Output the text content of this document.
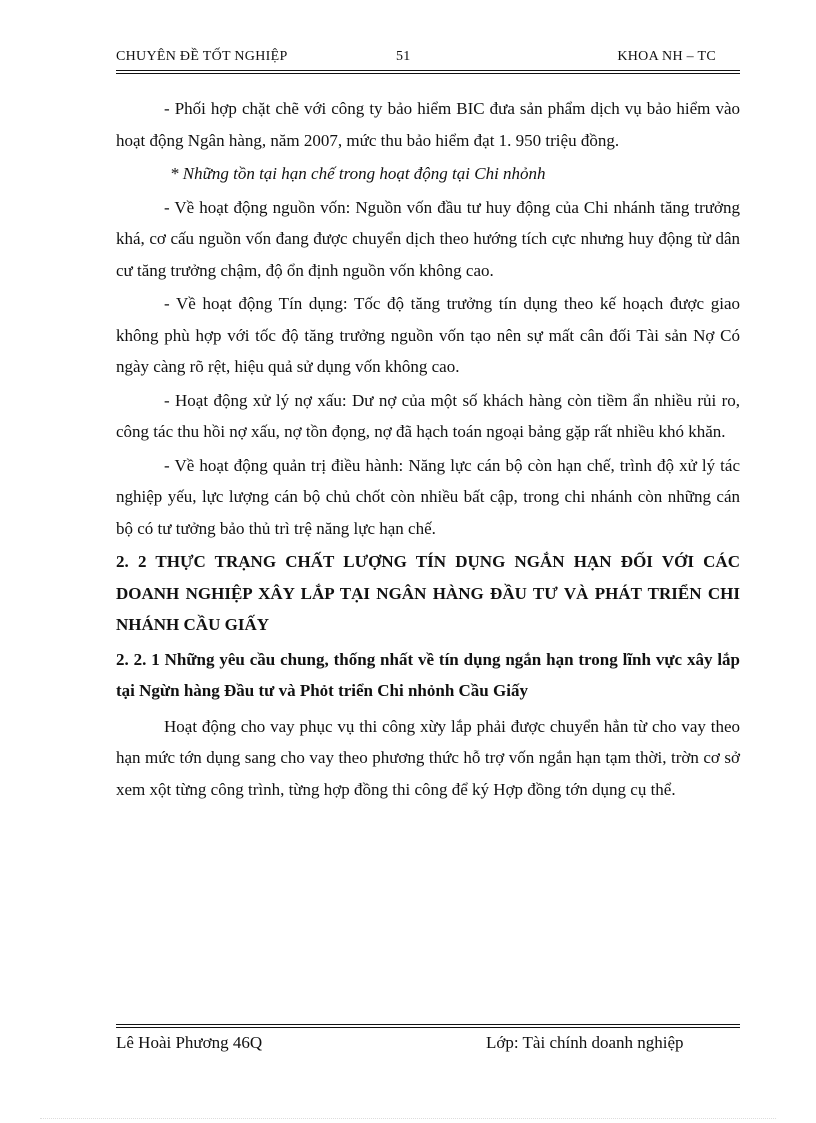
CHUYÊN ĐỀ TỐT NGHIỆP	51	KHOA NH – TC

- Phối hợp chặt chẽ với công ty bảo hiểm BIC đưa sản phẩm dịch vụ bảo hiểm vào hoạt động Ngân hàng, năm 2007, mức thu bảo hiểm đạt 1. 950 triệu đồng.

* Những tồn tại hạn chế trong hoạt động tại Chi nhỏnh

- Về hoạt động nguồn vốn: Nguồn vốn đầu tư huy động của Chi nhánh tăng trưởng khá, cơ cấu nguồn vốn đang được chuyển dịch theo hướng tích cực nhưng huy động từ dân cư tăng trưởng chậm, độ ổn định nguồn vốn không cao.

- Về hoạt động Tín dụng: Tốc độ tăng trưởng tín dụng theo kế hoạch được giao không phù hợp với tốc độ tăng trưởng nguồn vốn tạo nên sự mất cân đối Tài sản Nợ Có ngày càng rõ rệt, hiệu quả sử dụng vốn không cao.

- Hoạt động xử lý nợ xấu: Dư nợ của một số khách hàng còn tiềm ẩn nhiều rủi ro, công tác thu hồi nợ xấu, nợ tồn đọng, nợ đã hạch toán ngoại bảng gặp rất nhiều khó khăn.

- Về hoạt động quản trị điều hành: Năng lực cán bộ còn hạn chế, trình độ xử lý tác nghiệp yếu, lực lượng cán bộ chủ chốt còn nhiều bất cập, trong chi nhánh còn những cán bộ có tư tưởng bảo thủ trì trệ năng lực hạn chế.

2. 2 THỰC TRẠNG CHẤT LƯỢNG TÍN DỤNG NGẮN HẠN ĐỐI VỚI CÁC DOANH NGHIỆP XÂY LẮP TẠI NGÂN HÀNG ĐẦU TƯ VÀ PHÁT TRIỂN CHI NHÁNH CẦU GIẤY
2. 2. 1 Những yêu cầu chung, thống nhất về tín dụng ngắn hạn trong lĩnh vực xây lắp tại Ngừn hàng Đầu tư và Phỏt triển Chi nhỏnh Cầu Giấy

Hoạt động cho vay phục vụ thi công xừy lắp phải được chuyển hẳn từ cho vay theo hạn mức tớn dụng sang cho vay theo phương thức hỗ trợ vốn ngắn hạn tạm thời, trờn cơ sở xem xột từng công trình, từng hợp đồng thi công để ký Hợp đồng tớn dụng cụ thể.

Lê Hoài Phương 46Q	Lớp: Tài chính doanh nghiệp
